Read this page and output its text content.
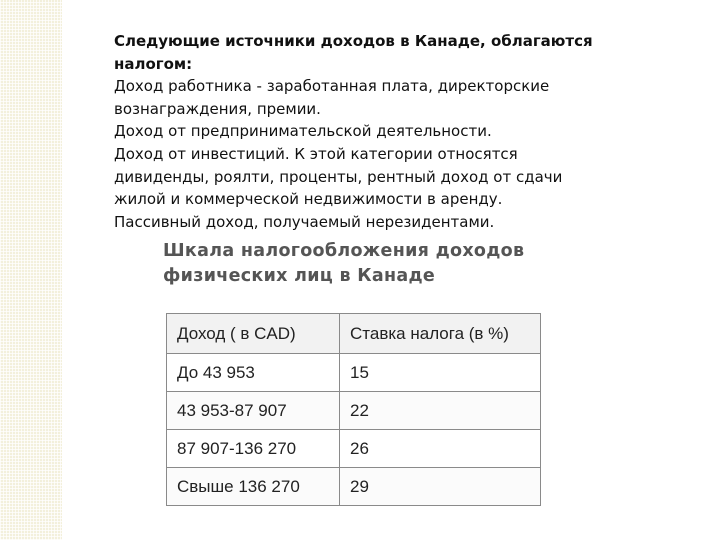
Следующие источники доходов в Канаде, облагаются налогом:

Доход работника - заработанная плата, директорские вознаграждения, премии.

Доход от предпринимательской деятельности.

Доход от инвестиций. К этой категории относятся дивиденды, роялти, проценты, рентный доход от сдачи жилой и коммерческой недвижимости в аренду.

Пассивный доход, получаемый нерезидентами.

Шкала налогообложения доходов физических лиц в Канаде
Доход ( в CAD)	Ставка налога (в %)
До 43 953	15
43 953-87 907	22
87 907-136 270	26
Свыше 136 270	29
